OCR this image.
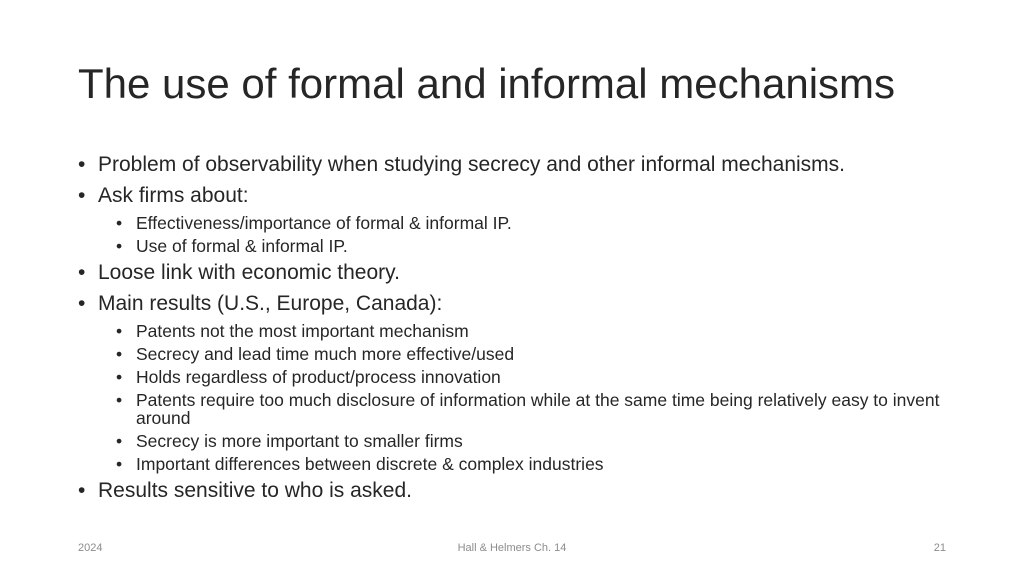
The use of formal and informal mechanisms
• Problem of observability when studying secrecy and other informal mechanisms.
• Ask firms about:
• Effectiveness/importance of formal & informal IP.
• Use of formal & informal IP.
• Loose link with economic theory.
• Main results (U.S., Europe, Canada):
• Patents not the most important mechanism
• Secrecy and lead time much more effective/used
• Holds regardless of product/process innovation
• Patents require too much disclosure of information while at the same time being relatively easy to invent around
• Secrecy is more important to smaller firms
• Important differences between discrete & complex industries
• Results sensitive to who is asked.
2024	Hall & Helmers Ch. 14	21
